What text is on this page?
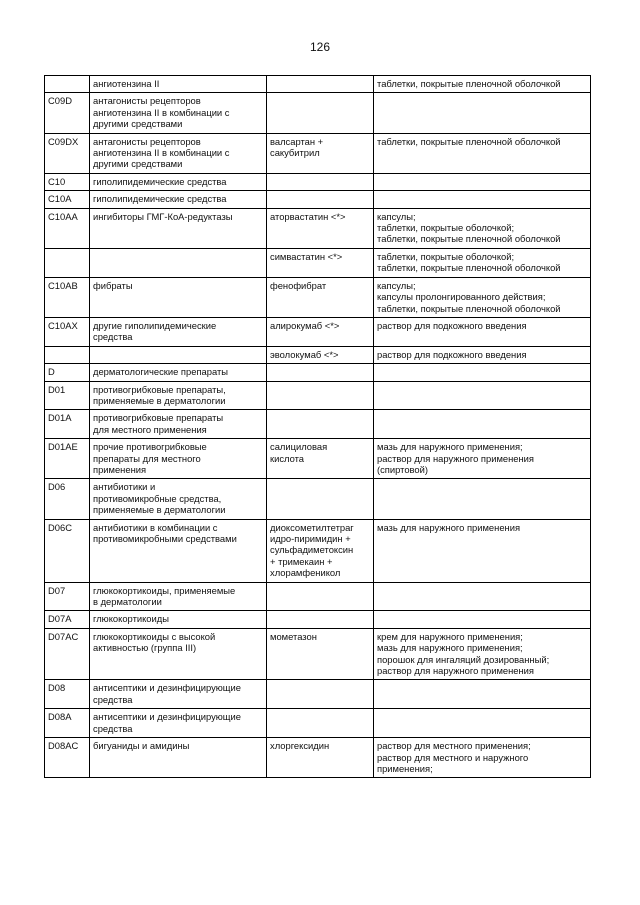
126

	ангиотензина II		таблетки, покрытые пленочной оболочкой

C09D	антагонисты рецепторов
ангиотензина II в комбинации с
другими средствами		

C09DX	антагонисты рецепторов
ангиотензина II в комбинации с
другими средствами	валсартан +
сакубитрил	таблетки, покрытые пленочной оболочкой

C10	гиполипидемические средства		

C10A	гиполипидемические средства		

C10AA	ингибиторы ГМГ-КоА-редуктазы	аторвастатин <*>	капсулы;
таблетки, покрытые оболочкой;
таблетки, покрытые пленочной оболочкой

		симвастатин <*>	таблетки, покрытые оболочкой;
таблетки, покрытые пленочной оболочкой

C10AB	фибраты	фенофибрат	капсулы;
капсулы пролонгированного действия;
таблетки, покрытые пленочной оболочкой

C10AX	другие гиполипидемические
средства	алирокумаб <*>	раствор для подкожного введения

		эволокумаб <*>	раствор для подкожного введения

D	дерматологические препараты		

D01	противогрибковые препараты,
применяемые в дерматологии		

D01A	противогрибковые препараты
для местного применения		

D01AE	прочие противогрибковые
препараты для местного
применения	салициловая
кислота	мазь для наружного применения;
раствор для наружного применения
(спиртовой)

D06	антибиотики и
противомикробные средства,
применяемые в дерматологии		

D06C	антибиотики в комбинации с
противомикробными средствами	диоксометилтетраг
идро-пиримидин +
сульфадиметоксин
+ тримекаин +
хлорамфеникол	мазь для наружного применения

D07	глюкокортикоиды, применяемые
в дерматологии		

D07A	глюкокортикоиды		

D07AC	глюкокортикоиды с высокой
активностью (группа III)	мометазон	крем для наружного применения;
мазь для наружного применения;
порошок для ингаляций дозированный;
раствор для наружного применения

D08	антисептики и дезинфицирующие
средства		

D08A	антисептики и дезинфицирующие
средства		

D08AC	бигуаниды и амидины	хлоргексидин	раствор для местного применения;
раствор для местного и наружного
применения;
